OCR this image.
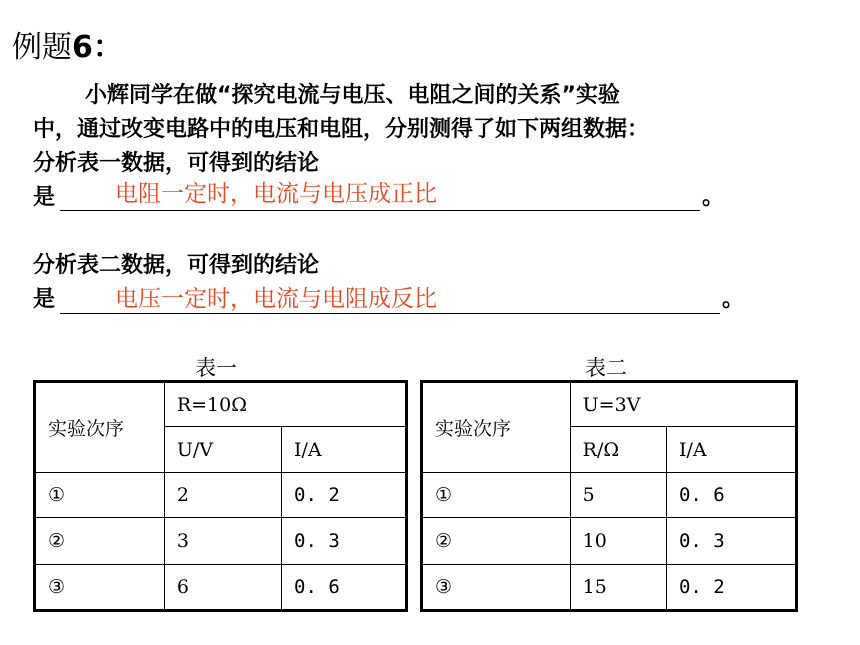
例题6：
小辉同学在做“探究电流与电压、电阻之间的关系”实验
中，通过改变电路中的电压和电阻，分别测得了如下两组数据：
分析表一数据，可得到的结论
是	电阻一定时，电流与电压成正比	。
分析表二数据，可得到的结论
是	电压一定时，电流与电阻成反比	。
表一	表二
实验次序	R=10Ω	
	U/V	I/A
①	2	0. 2
②	3	0. 3
③	6	0. 6
实验次序	U=3V	
	R/Ω	I/A
①	5	0. 6
②	10	0. 3
③	15	0. 2
